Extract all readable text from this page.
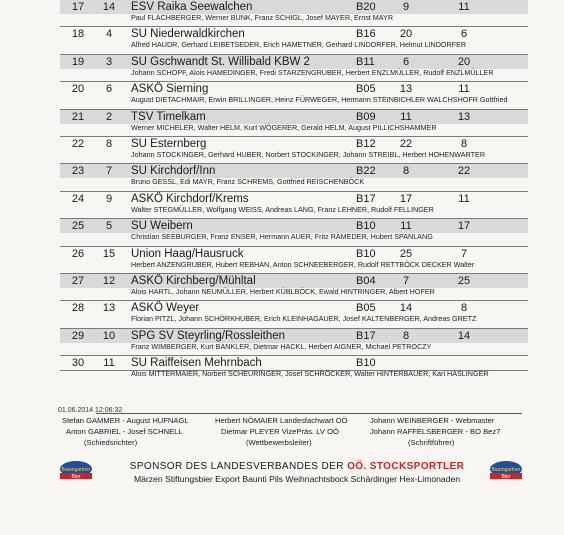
17	14	ESV Raika Seewalchen	B20	9	11
Paul FLACHBERGER, Werner BUNK, Franz SCHIGL, Josef MAYER, Ernst MAYR
18	4	SU Niederwaldkirchen	B16	20	6
Alfred HAUDR, Gerhard LEIBETSEDER, Erich HAMETNER, Gerhard LINDORFER, Helmut LINDORFER
19	3	SU Gschwandt St. Willibald KBW 2	B11	6	20
Johann SCHOPF, Alois HAMEDINGER, Fredi STARZENGRUBER, Herbert ENZLMÜLLER, Rudolf ENZLMÜLLER
20	6	ASKÖ Sierning	B05	13	11
August DIETACHMAIR, Erwin BRILLINGER, Heinz FÜRWEGER, Hermann STEINBICHLER WALCHSHOFR Gottfried
21	2	TSV Timelkam	B09	11	13
Werner MICHELER, Walter HELM, Kurt WÖGERER, Gerald HELM, August PILLICHSHAMMER
22	8	SU Esternberg	B12	22	8
Johann STOCKINGER, Gerhard HUBER, Norbert STOCKINGER, Johann STREIBL, Herbert HOHENWARTER
23	7	SU Kirchdorf/Inn	B22	8	22
Bruno GESSL, Edi MAYR, Franz SCHREMS, Gottfried REISCHENBÖCK
24	9	ASKÖ Kirchdorf/Krems	B17	17	11
Walter STEGMÜLLER, Wolfgang WEISS, Andreas LANG, Franz LEHNER, Rudolf FELLINGER
25	5	SU Weibern	B10	11	17
Christian SEEBURGER, Franz ENSER, Hermann AUER, Fritz RAMEDER, Hubert SPANLANG
26	15	Union Haag/Hausruck	B10	25	7
Herbert ANZENGRUBER, Hubert REBHAN, Anton SCHNEEBERGER, Rudolf RETTBÖCK DECKER Walter
27	12	ASKÖ Kirchberg/Mühltal	B04	7	25
Alois HARTL, Johann NEUMÜLLER, Herbert KÜBLBÖCK, Ewald HINTRINGER, Albert HOFER
28	13	ASKÖ Weyer	B05	14	8
Florian PITZL, Johann SCHÖRKHUBER, Erich KLEINHAGAUER, Josef KALTENBERGER, Andreas GRETZ
29	10	SPG SV Steyrling/Rossleithen	B17	8	14
Franz WIMBERGER, Kurt BANKLER, Dietmar HACKL, Herbert AIGNER, Michael PETROCZY
30	11	SU Raiffeisen Mehrnbach	B10
Alois MITTERMAIER, Norbert SCHEURINGER, Josef SCHRÖCKER, Walter HINTERBAUER, Karl HASLINGER
01.06.2014 12:06:32
Stefan GAMMER - August HUFNAGL
Anton GABRIEL - Josef SCHNELL
(Schiedsrichter)
Herbert NÖMAIER Landesfachwart OÖ
Dietmar PLEYER VizePräs. LV OÖ
(Wettbewerbsleiter)
Johann WEINBERGER - Webmaster
Johann RAFFELSBERGER - BO Bez7
(Schriftführer)
Baumgartner
Bier
SPONSOR DES LANDESVERBANDES DER OÖ. STOCKSPORTLER
Märzen Stiftungsbier Export Baunti Pils Weihnachtsbock Schärdinger Hex-Limonaden
Baumgartner
Bier
